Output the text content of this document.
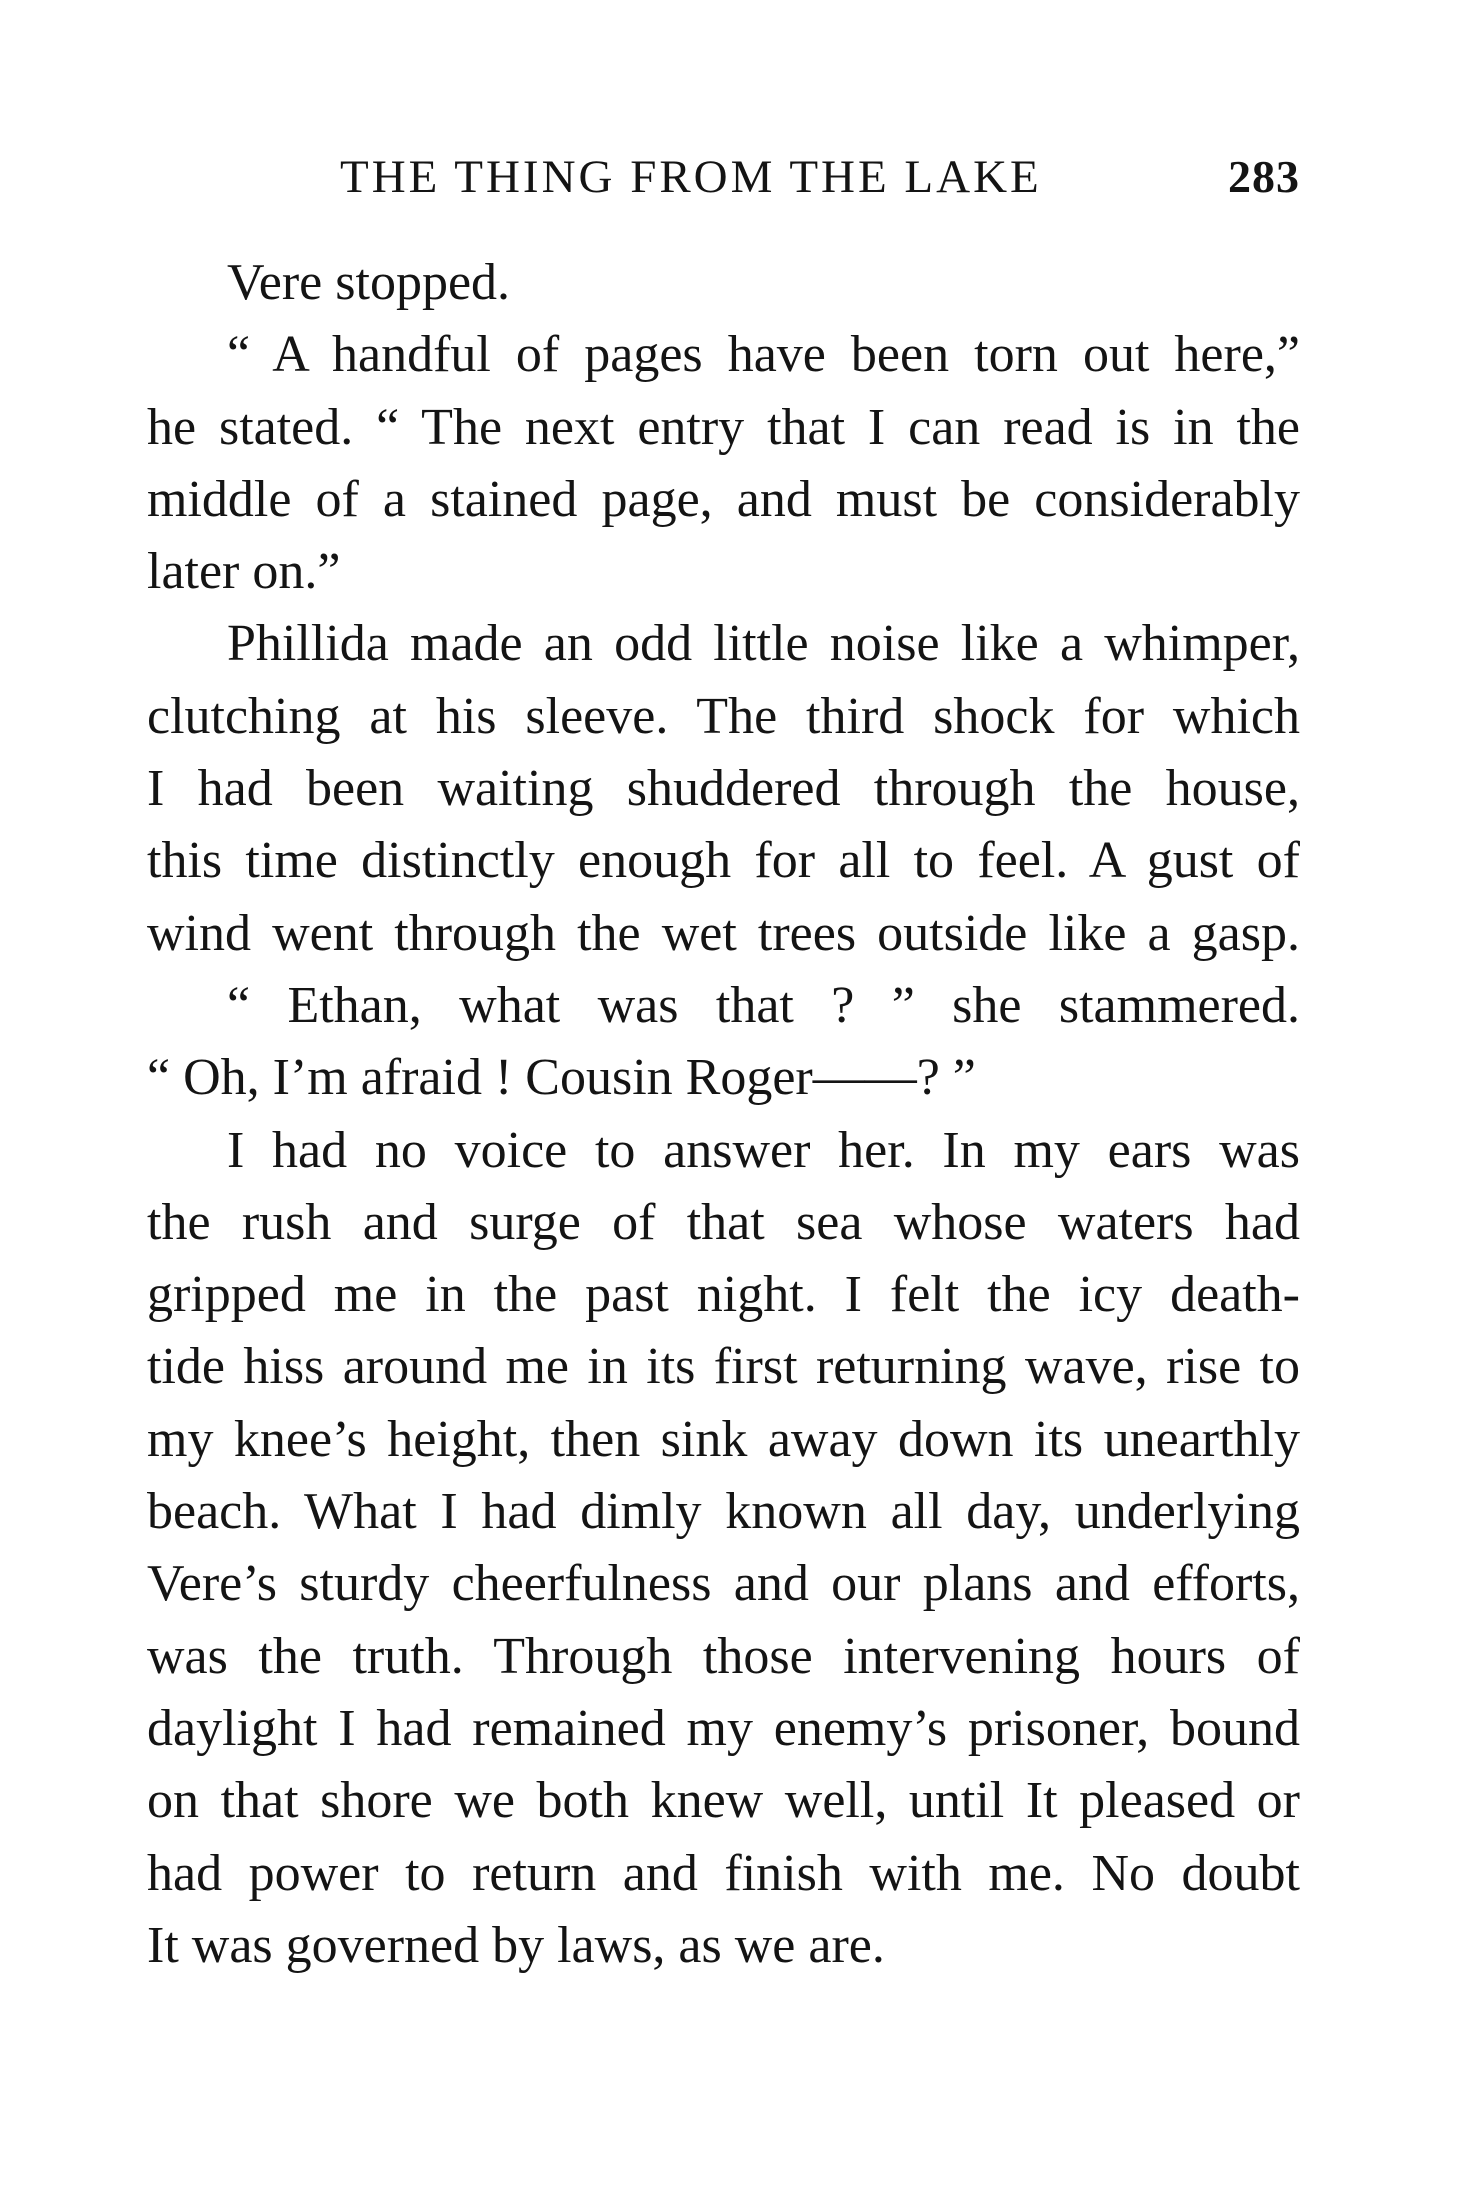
THE THING FROM THE LAKE	283
Vere stopped.
“ A handful of pages have been torn out here,”
he stated. “ The next entry that I can read is in the
middle of a stained page, and must be considerably
later on.”
Phillida made an odd little noise like a whimper,
clutching at his sleeve. The third shock for which
I had been waiting shuddered through the house,
this time distinctly enough for all to feel. A gust of
wind went through the wet trees outside like a gasp.
“ Ethan, what was that ? ” she stammered.
“ Oh, I’m afraid ! Cousin Roger——? ”
I had no voice to answer her. In my ears was
the rush and surge of that sea whose waters had
gripped me in the past night. I felt the icy death-
tide hiss around me in its first returning wave, rise to
my knee’s height, then sink away down its unearthly
beach. What I had dimly known all day, underlying
Vere’s sturdy cheerfulness and our plans and efforts,
was the truth. Through those intervening hours of
daylight I had remained my enemy’s prisoner, bound
on that shore we both knew well, until It pleased or
had power to return and finish with me. No doubt
It was governed by laws, as we are.
